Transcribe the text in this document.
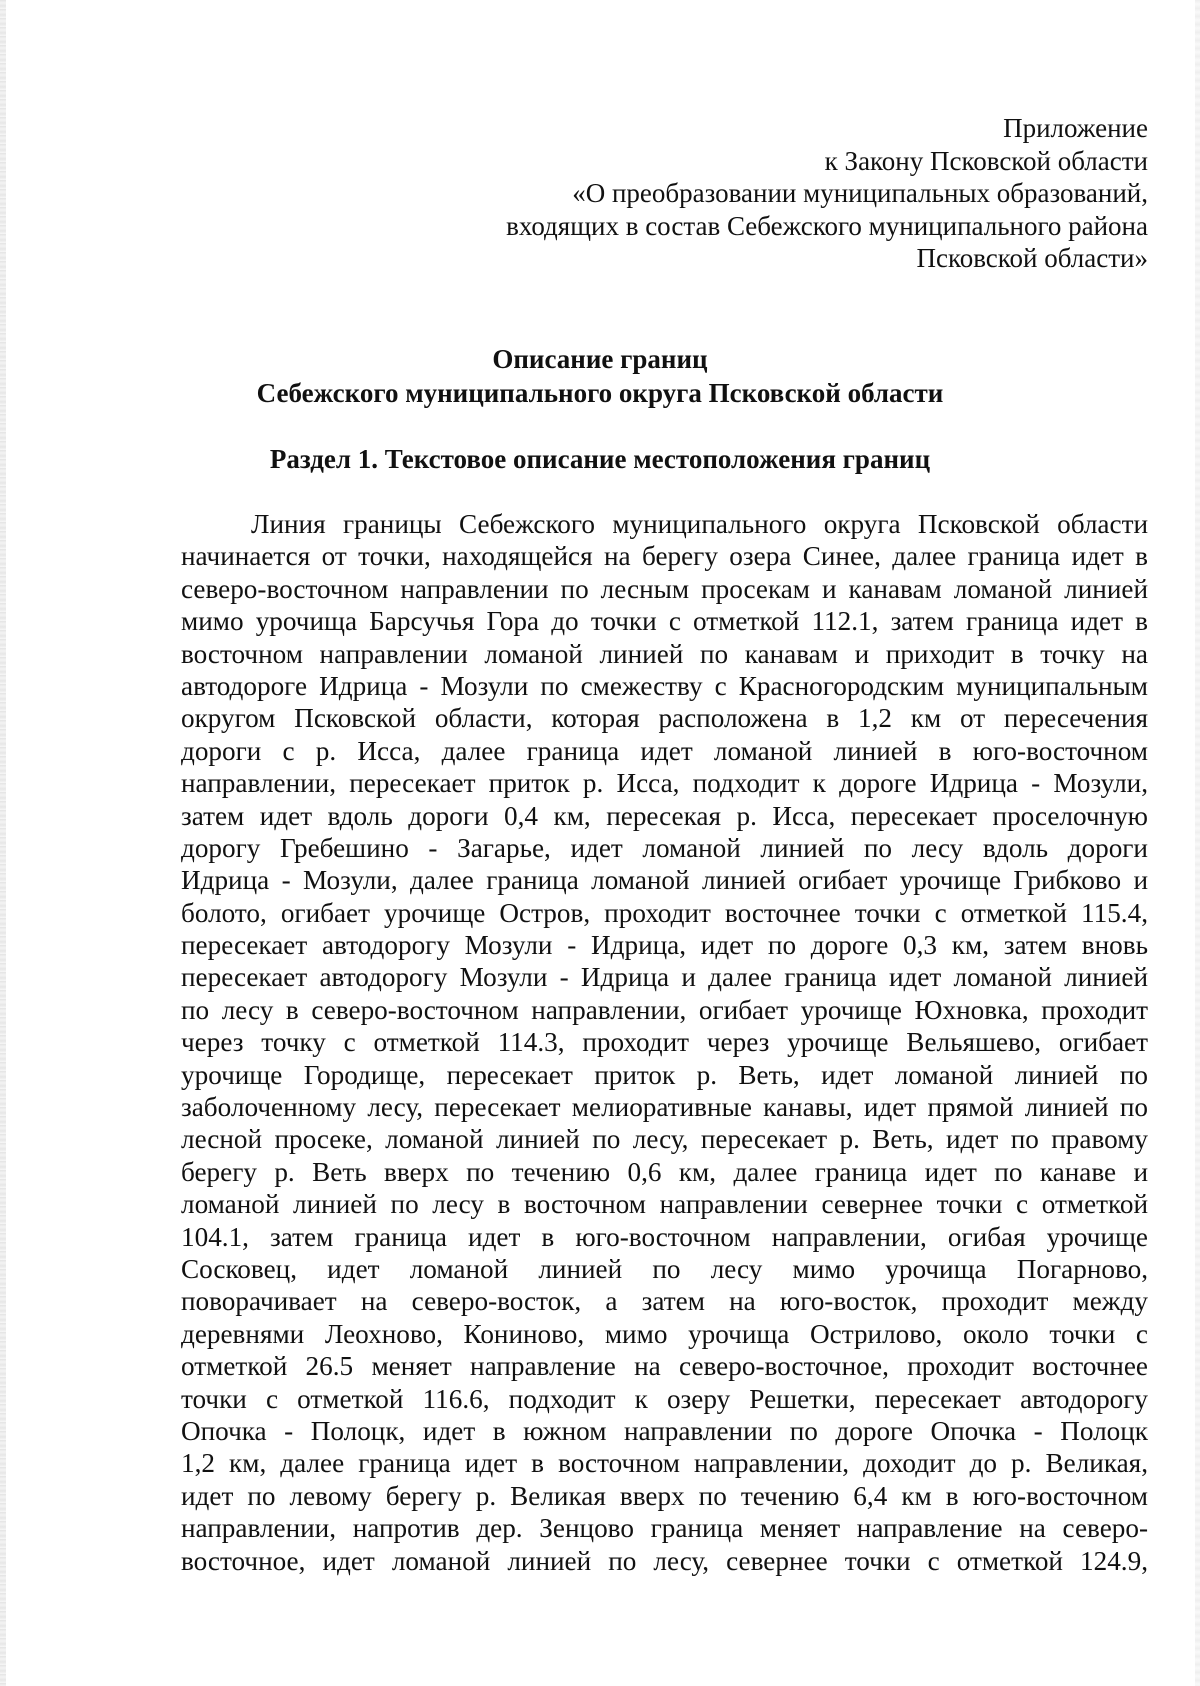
Приложение
к Закону Псковской области
«О преобразовании муниципальных образований,
входящих в состав Себежского муниципального района
Псковской области»
Описание границ
Себежского муниципального округа Псковской области
Раздел 1. Текстовое описание местоположения границ
Линия границы Себежского муниципального округа Псковской области
начинается от точки, находящейся на берегу озера Синее, далее граница идет в
северо-восточном направлении по лесным просекам и канавам ломаной линией
мимо урочища Барсучья Гора до точки с отметкой 112.1, затем граница идет в
восточном направлении ломаной линией по канавам и приходит в точку на
автодороге Идрица - Мозули по смежеству с Красногородским муниципальным
округом Псковской области, которая расположена в 1,2 км от пересечения
дороги с р. Исса, далее граница идет ломаной линией в юго-восточном
направлении, пересекает приток р. Исса, подходит к дороге Идрица - Мозули,
затем идет вдоль дороги 0,4 км, пересекая р. Исса, пересекает проселочную
дорогу Гребешино - Загарье, идет ломаной линией по лесу вдоль дороги
Идрица - Мозули, далее граница ломаной линией огибает урочище Грибково и
болото, огибает урочище Остров, проходит восточнее точки с отметкой 115.4,
пересекает автодорогу Мозули - Идрица, идет по дороге 0,3 км, затем вновь
пересекает автодорогу Мозули - Идрица и далее граница идет ломаной линией
по лесу в северо-восточном направлении, огибает урочище Юхновка, проходит
через точку с отметкой 114.3, проходит через урочище Вельяшево, огибает
урочище Городище, пересекает приток р. Веть, идет ломаной линией по
заболоченному лесу, пересекает мелиоративные канавы, идет прямой линией по
лесной просеке, ломаной линией по лесу, пересекает р. Веть, идет по правому
берегу р. Веть вверх по течению 0,6 км, далее граница идет по канаве и
ломаной линией по лесу в восточном направлении севернее точки с отметкой
104.1, затем граница идет в юго-восточном направлении, огибая урочище
Сосковец, идет ломаной линией по лесу мимо урочища Погарново,
поворачивает на северо-восток, а затем на юго-восток, проходит между
деревнями Леохново, Кониново, мимо урочища Острилово, около точки с
отметкой 26.5 меняет направление на северо-восточное, проходит восточнее
точки с отметкой 116.6, подходит к озеру Решетки, пересекает автодорогу
Опочка - Полоцк, идет в южном направлении по дороге Опочка - Полоцк
1,2 км, далее граница идет в восточном направлении, доходит до р. Великая,
идет по левому берегу р. Великая вверх по течению 6,4 км в юго-восточном
направлении, напротив дер. Зенцово граница меняет направление на северо-
восточное, идет ломаной линией по лесу, севернее точки с отметкой 124.9,
